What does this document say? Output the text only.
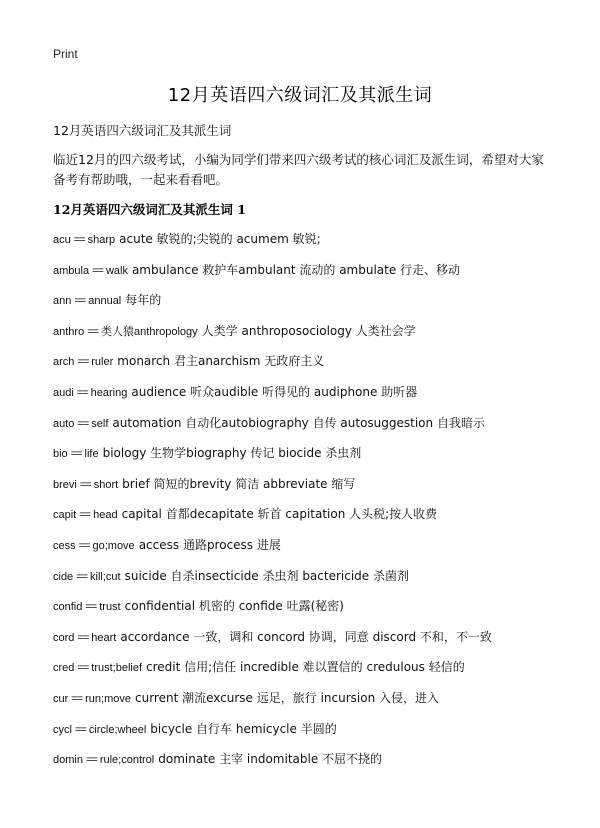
Print
12月英语四六级词汇及其派生词
12月英语四六级词汇及其派生词

临近12月的四六级考试，小编为同学们带来四六级考试的核心词汇及派生词，希望对大家备考有帮助哦，一起来看看吧。

12月英语四六级词汇及其派生词 1
acu == sharp acute 敏锐的;尖锐的 acumem 敏锐;
ambula == walk ambulance 救护车ambulant 流动的 ambulate 行走、移动
ann == annual 每年的
anthro == 类人猿anthropology 人类学 anthroposociology 人类社会学
arch == ruler monarch 君主anarchism 无政府主义
audi == hearing audience 听众audible 听得见的 audiphone 助听器
auto == self automation 自动化autobiography 自传 autosuggestion 自我暗示
bio == life biology 生物学biography 传记 biocide 杀虫剂
brevi == short brief 简短的brevity 简洁 abbreviate 缩写
capit == head capital 首都decapitate 斩首 capitation 人头税;按人收费
cess == go;move access 通路process 进展
cide == kill;cut suicide 自杀insecticide 杀虫剂 bactericide 杀菌剂
confid == trust confidential 机密的 confide 吐露(秘密)
cord == heart accordance 一致，调和 concord 协调，同意 discord 不和，不一致
cred == trust;belief credit 信用;信任 incredible 难以置信的 credulous 轻信的
cur == run;move current 潮流excurse 远足，旅行 incursion 入侵，进入
cycl == circle;wheel bicycle 自行车 hemicycle 半圆的
domin == rule;control dominate 主宰 indomitable 不屈不挠的
